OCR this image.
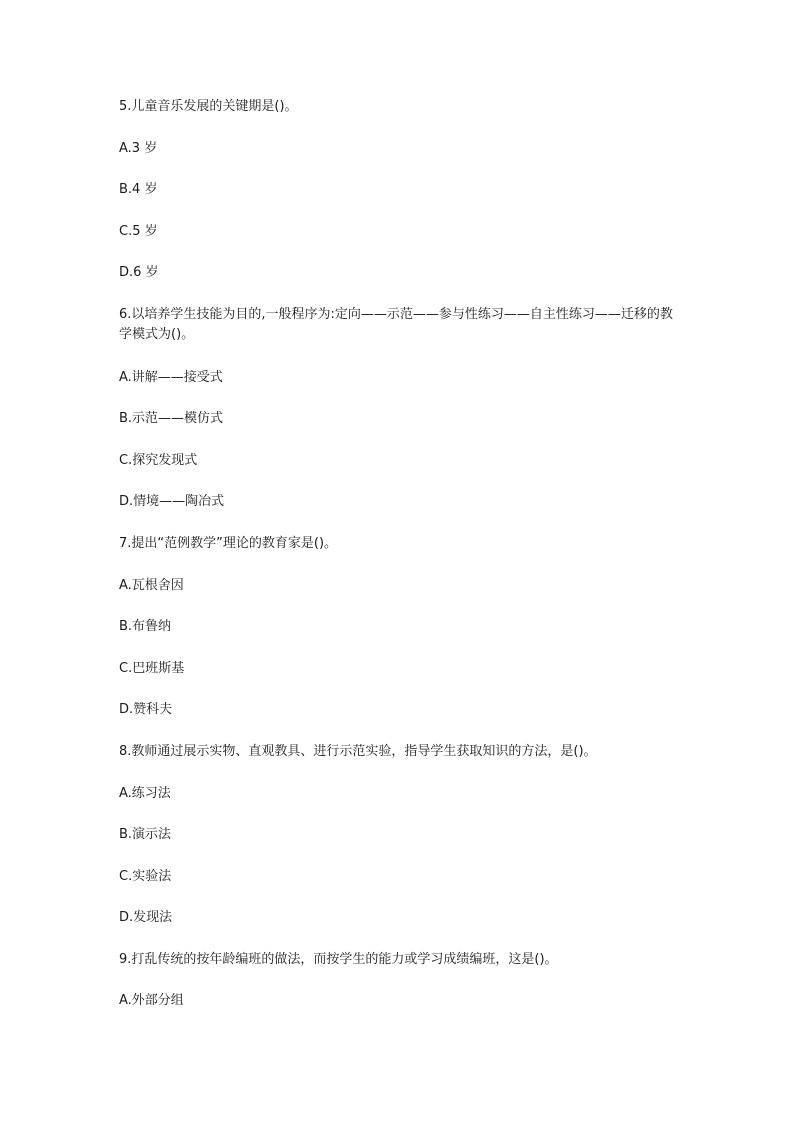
5.儿童音乐发展的关键期是()。
A.3 岁
B.4 岁
C.5 岁
D.6 岁
6.以培养学生技能为目的,一般程序为:定向——示范——参与性练习——自主性练习——迁移的教学模式为()。
A.讲解——接受式
B.示范——模仿式
C.探究发现式
D.情境——陶冶式
7.提出“范例教学”理论的教育家是()。
A.瓦根舍因
B.布鲁纳
C.巴班斯基
D.赞科夫
8.教师通过展示实物、直观教具、进行示范实验，指导学生获取知识的方法，是()。
A.练习法
B.演示法
C.实验法
D.发现法
9.打乱传统的按年龄编班的做法，而按学生的能力或学习成绩编班，这是()。
A.外部分组
